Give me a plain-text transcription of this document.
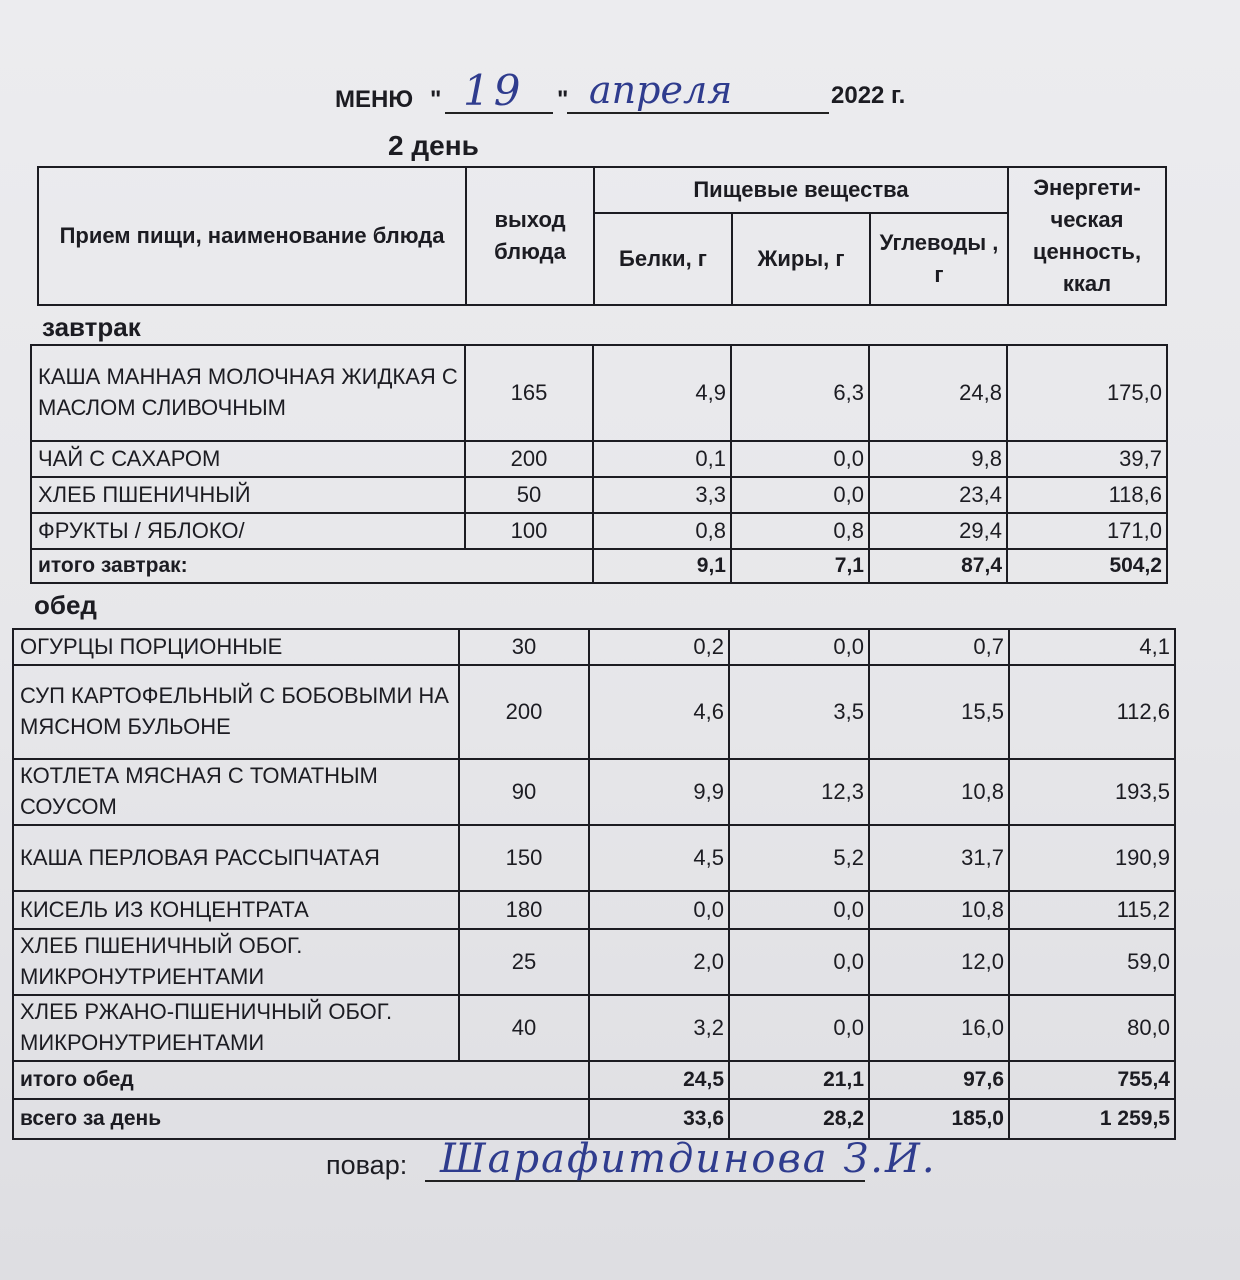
МЕНЮ " 19 " апреля	2022 г.
2 день
Прием пищи, наименование блюда	выход блюда	Пищевые вещества			Энергети- ческая ценность, ккал
		Белки, г	Жиры, г	Углеводы , г	
завтрак
КАША МАННАЯ МОЛОЧНАЯ ЖИДКАЯ С МАСЛОМ СЛИВОЧНЫМ	165	4,9	6,3	24,8	175,0
ЧАЙ С САХАРОМ	200	0,1	0,0	9,8	39,7
ХЛЕБ ПШЕНИЧНЫЙ	50	3,3	0,0	23,4	118,6
ФРУКТЫ / ЯБЛОКО/	100	0,8	0,8	29,4	171,0
итого завтрак:		9,1	7,1	87,4	504,2
обед
ОГУРЦЫ ПОРЦИОННЫЕ	30	0,2	0,0	0,7	4,1
СУП КАРТОФЕЛЬНЫЙ С БОБОВЫМИ НА МЯСНОМ БУЛЬОНЕ	200	4,6	3,5	15,5	112,6
КОТЛЕТА МЯСНАЯ С ТОМАТНЫМ СОУСОМ	90	9,9	12,3	10,8	193,5
КАША ПЕРЛОВАЯ РАССЫПЧАТАЯ	150	4,5	5,2	31,7	190,9
КИСЕЛЬ ИЗ КОНЦЕНТРАТА	180	0,0	0,0	10,8	115,2
ХЛЕБ ПШЕНИЧНЫЙ ОБОГ. МИКРОНУТРИЕНТАМИ	25	2,0	0,0	12,0	59,0
ХЛЕБ РЖАНО-ПШЕНИЧНЫЙ ОБОГ. МИКРОНУТРИЕНТАМИ	40	3,2	0,0	16,0	80,0
итого обед		24,5	21,1	97,6	755,4
всего за день		33,6	28,2	185,0	1 259,5
повар: Шарафитдинова З.И.
